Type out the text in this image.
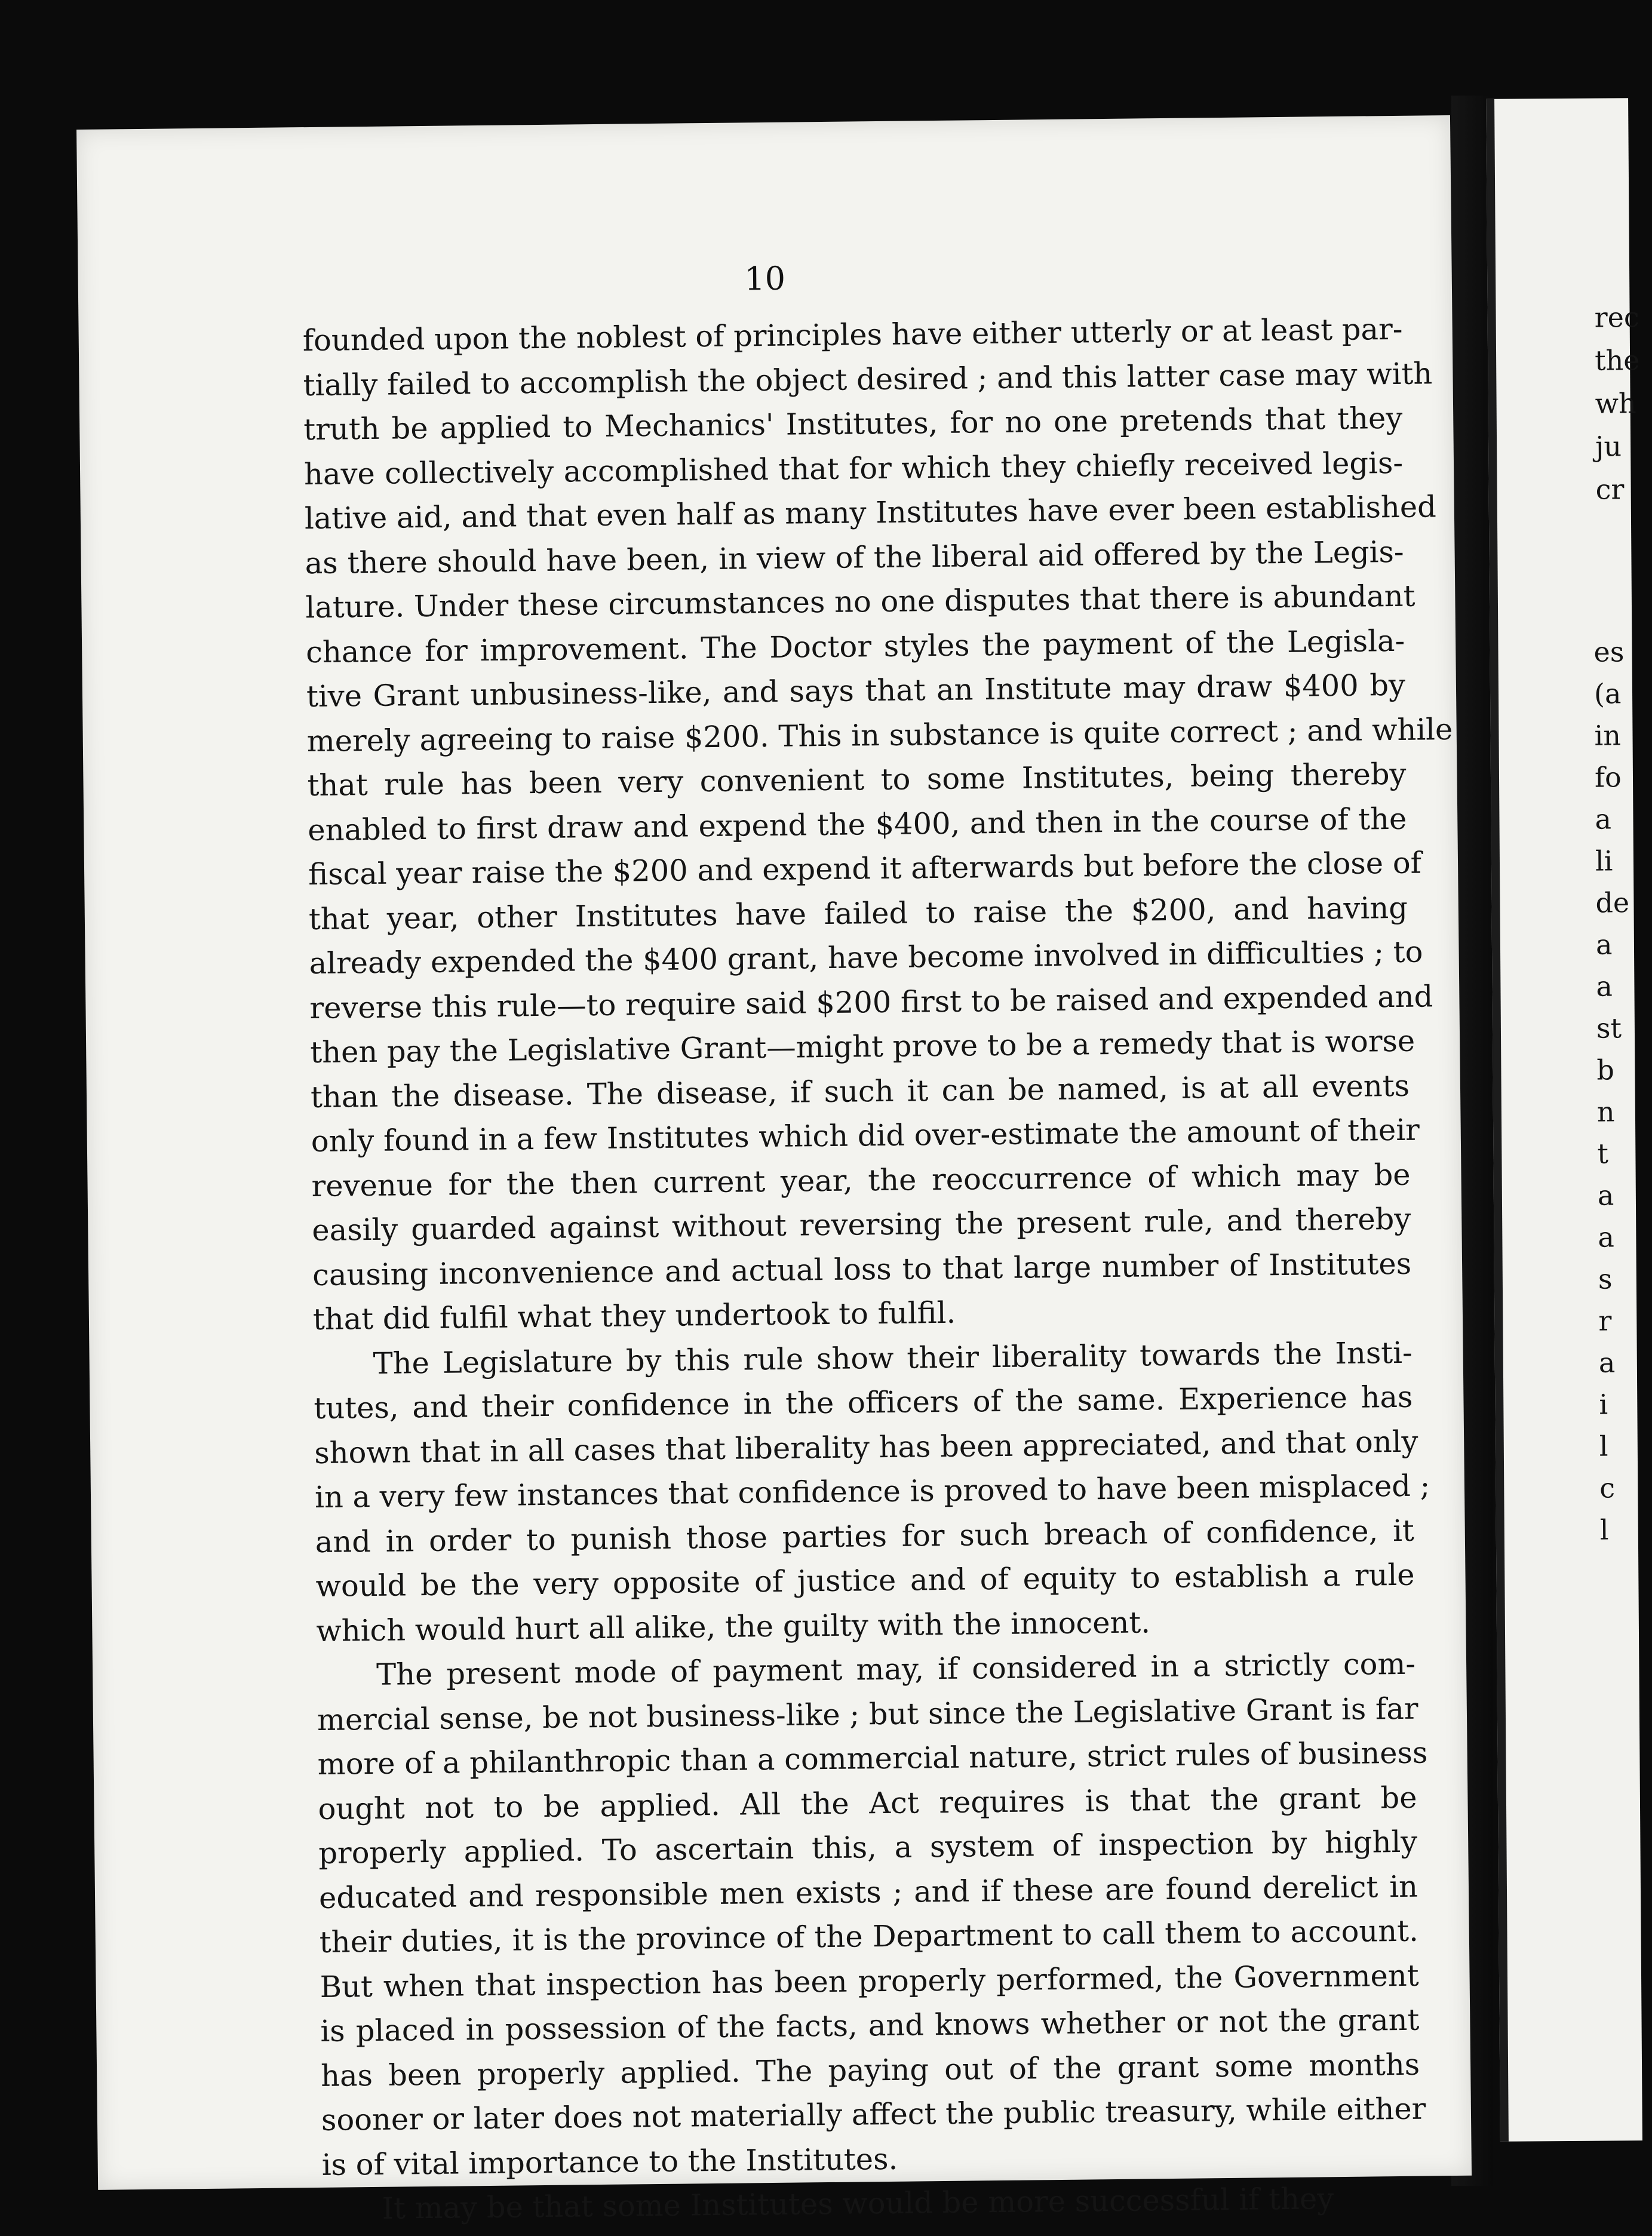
10

founded upon the noblest of principles have either utterly or at least par-
tially failed to accomplish the object desired ; and this latter case may with
truth be applied to Mechanics' Institutes, for no one pretends that they
have collectively accomplished that for which they chiefly received legis-
lative aid, and that even half as many Institutes have ever been established
as there should have been, in view of the liberal aid offered by the Legis-
lature. Under these circumstances no one disputes that there is abundant
chance for improvement. The Doctor styles the payment of the Legisla-
tive Grant unbusiness-like, and says that an Institute may draw $400 by
merely agreeing to raise $200. This in substance is quite correct ; and while
that rule has been very convenient to some Institutes, being thereby
enabled to first draw and expend the $400, and then in the course of the
fiscal year raise the $200 and expend it afterwards but before the close of
that year, other Institutes have failed to raise the $200, and having
already expended the $400 grant, have become involved in difficulties ; to
reverse this rule—to require said $200 first to be raised and expended and
then pay the Legislative Grant—might prove to be a remedy that is worse
than the disease. The disease, if such it can be named, is at all events
only found in a few Institutes which did over-estimate the amount of their
revenue for the then current year, the reoccurrence of which may be
easily guarded against without reversing the present rule, and thereby
causing inconvenience and actual loss to that large number of Institutes
that did fulfil what they undertook to fulfil.

The Legislature by this rule show their liberality towards the Insti-
tutes, and their confidence in the officers of the same. Experience has
shown that in all cases that liberality has been appreciated, and that only
in a very few instances that confidence is proved to have been misplaced ;
and in order to punish those parties for such breach of confidence, it
would be the very opposite of justice and of equity to establish a rule
which would hurt all alike, the guilty with the innocent.

The present mode of payment may, if considered in a strictly com-
mercial sense, be not business-like ; but since the Legislative Grant is far
more of a philanthropic than a commercial nature, strict rules of business
ought not to be applied. All the Act requires is that the grant be
properly applied. To ascertain this, a system of inspection by highly
educated and responsible men exists ; and if these are found derelict in
their duties, it is the province of the Department to call them to account.
But when that inspection has been properly performed, the Government
is placed in possession of the facts, and knows whether or not the grant
has been properly applied. The paying out of the grant some months
sooner or later does not materially affect the public treasury, while either
is of vital importance to the Institutes.

It may be that some Institutes would be more successful if they

rec
the
wh
ju
cr
es
(a
in
fo
a
li
de
a
a
st
b
n
t
a
a
s
r
a
i
l
c
l
